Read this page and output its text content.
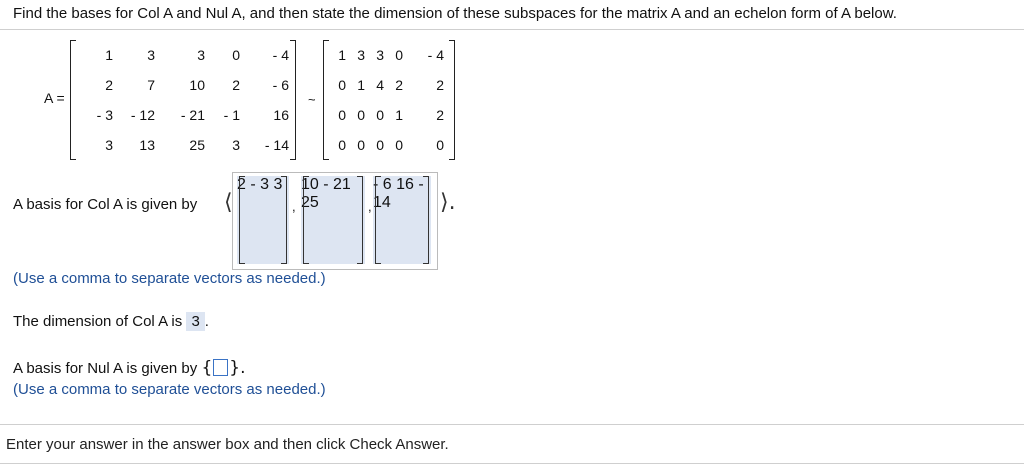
Find the bases for Col A and Nul A, and then state the dimension of these subspaces for the matrix A and an echelon form of A below.
A =
1 3	3 0 - 4
2 7 10 2 - 6
- 3 - 12 - 21 - 1 16
3 13 25 3 - 14
~
1 3 3 0 - 4
0 1 4 2 2
0 0 0 1 2
0 0 0 0 0
A basis for Col A is given by ⟨
2 - 3 3
,
10 - 21 25	,
- 6 16 - 14	⟩.
(Use a comma to separate vectors as needed.)
The dimension of Col A is 3 .
A basis for Nul A is given by { }.
(Use a comma to separate vectors as needed.)
Enter your answer in the answer box and then click Check Answer.
